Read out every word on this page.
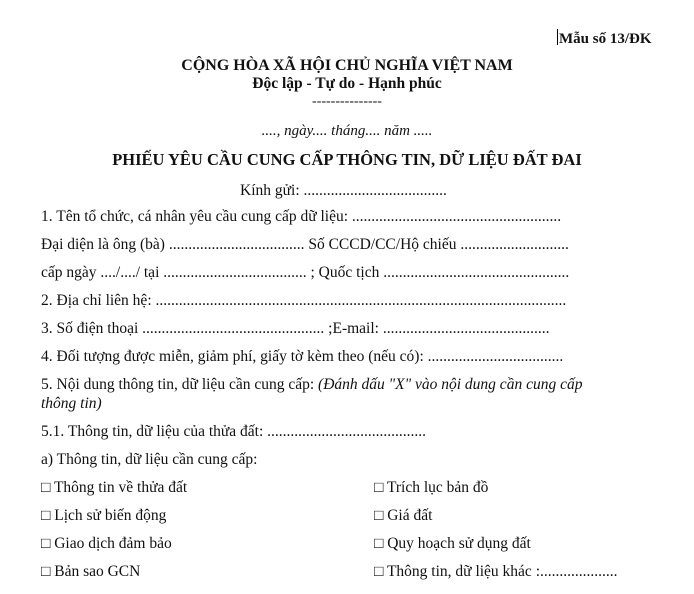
Mẫu số 13/ĐK
CỘNG HÒA XÃ HỘI CHỦ NGHĨA VIỆT NAM
Độc lập - Tự do - Hạnh phúc
---------------
...., ngày.... tháng.... năm .....
PHIẾU YÊU CẦU CUNG CẤP THÔNG TIN, DỮ LIỆU ĐẤT ĐAI
Kính gửi: .....................................
1. Tên tổ chức, cá nhân yêu cầu cung cấp dữ liệu: ......................................................
Đại diện là ông (bà) ................................... Số CCCD/CC/Hộ chiếu ............................
cấp ngày ..../..../ tại ..................................... ; Quốc tịch ................................................
2. Địa chỉ liên hệ: ..........................................................................................................
3. Số điện thoại ............................................... ;E-mail: ...........................................
4. Đối tượng được miễn, giảm phí, giấy tờ kèm theo (nếu có): ...................................
5. Nội dung thông tin, dữ liệu cần cung cấp: (Đánh dấu "X" vào nội dung cần cung cấp
thông tin)
5.1. Thông tin, dữ liệu của thửa đất: .........................................
a) Thông tin, dữ liệu cần cung cấp:
□ Thông tin về thửa đất	□ Trích lục bản đồ
□ Lịch sử biến động	□ Giá đất
□ Giao dịch đảm bảo	□ Quy hoạch sử dụng đất
□ Bản sao GCN	□ Thông tin, dữ liệu khác :....................
